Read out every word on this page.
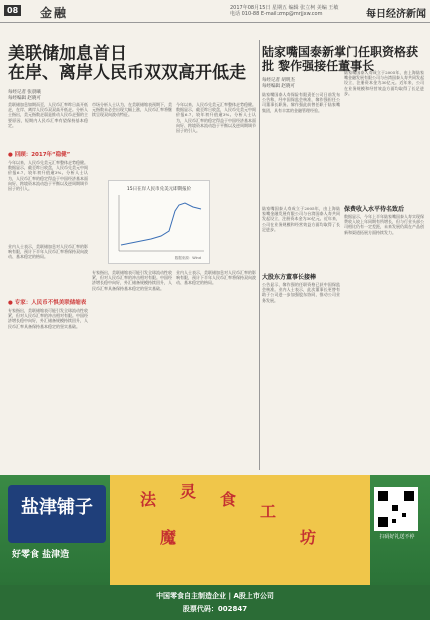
08 金融	2017年08月15日 星期五 编辑 张立柯 美编 王敏 电话 010-88 E-mail:zmp@mrjjxw.com	每日经济新闻
美联储加息首日
在岸、离岸人民币双双高开低走
每经记者 张晨曦
每经编辑 赵晓可
美联储加息如期而至，人民币汇率昨日高开低走，在岸、离岸人民币双双高开低走。分析人士指出，美元指数走弱是推动人民币走强的主要原因，短期内人民币汇率有望保持基本稳定。
● 回顾：2017年“稳健”
今年以来，人民币兑美元汇率整体走势稳健。数据显示，截至昨日收盘，人民币兑美元中间价报6.7，较年初升值逾3%。分析人士认为，人民币汇率的稳定得益于中国经济基本面向好、跨境资本流动趋于平衡以及逆周期调节因子的引入。
业内人士表示，美联储加息对人民币汇率的影响有限，预计下半年人民币汇率将保持双向波动、基本稳定的格局。
● 专家：人民币不惧美联储缩表
专家指出，美联储缩表可能引发全球流动性收紧，但对人民币汇率的冲击相对有限。中国经济增长稳中向好，外汇储备规模持续回升，人民币汇率具备保持基本稳定的坚实基础。
市场分析人士认为，在美联储缩表预期下，美元指数未必会出现大幅上涨，人民币汇率将继续呈现双向波动特征。
今年以来，人民币兑美元汇率整体走势稳健。数据显示，截至昨日收盘，人民币兑美元中间价报6.7，较年初升值逾3%。分析人士认为，人民币汇率的稳定得益于中国经济基本面向好、跨境资本流动趋于平衡以及逆周期调节因子的引入。
15日在岸人民币兑美元即期报价
数据来源：Wind
专家指出，美联储缩表可能引发全球流动性收紧，但对人民币汇率的冲击相对有限。中国经济增长稳中向好，外汇储备规模持续回升，人民币汇率具备保持基本稳定的坚实基础。
业内人士表示，美联储加息对人民币汇率的影响有限，预计下半年人民币汇率将保持双向波动、基本稳定的格局。
陆家嘴国泰新掌门任职资格获批 黎作强接任董事长
每经记者 胡明杰
每经编辑 赵晓可
陆家嘴国泰人寿保险有限责任公司日前发布公告称，经中国保监会核准，黎作强担任公司董事长职务。黎作强此前曾任职于陆家嘴集团，具有丰富的金融管理经验。
陆家嘴国泰人寿成立于2005年，由上海陆家嘴金融发展有限公司与台湾国泰人寿共同发起设立，注册资本金为30亿元。近年来，公司在业务规模和经营效益方面均取得了长足进步。
大股东方董事长接棒
公告显示，黎作强的任职资格已获中国保监会核准。业内人士表示，此次董事长更替有助于公司进一步加强股东协同，推动公司业务发展。
陆家嘴国泰人寿成立于2005年，由上海陆家嘴金融发展有限公司与台湾国泰人寿共同发起设立，注册资本金为30亿元。近年来，公司在业务规模和经营效益方面均取得了长足进步。
保费收入水平待名致后
数据显示，今年上半年陆家嘴国泰人寿实现保费收入较上年同期有所增长，但与行业头部公司相比仍有一定差距，未来发展仍需在产品创新和渠道拓展方面持续发力。
盐津铺子
好零食 盐津造
法 灵 食
工
魔	坊	扫码好礼送不停
中国零食自主制造企业 | A股上市公司
股票代码：002847
